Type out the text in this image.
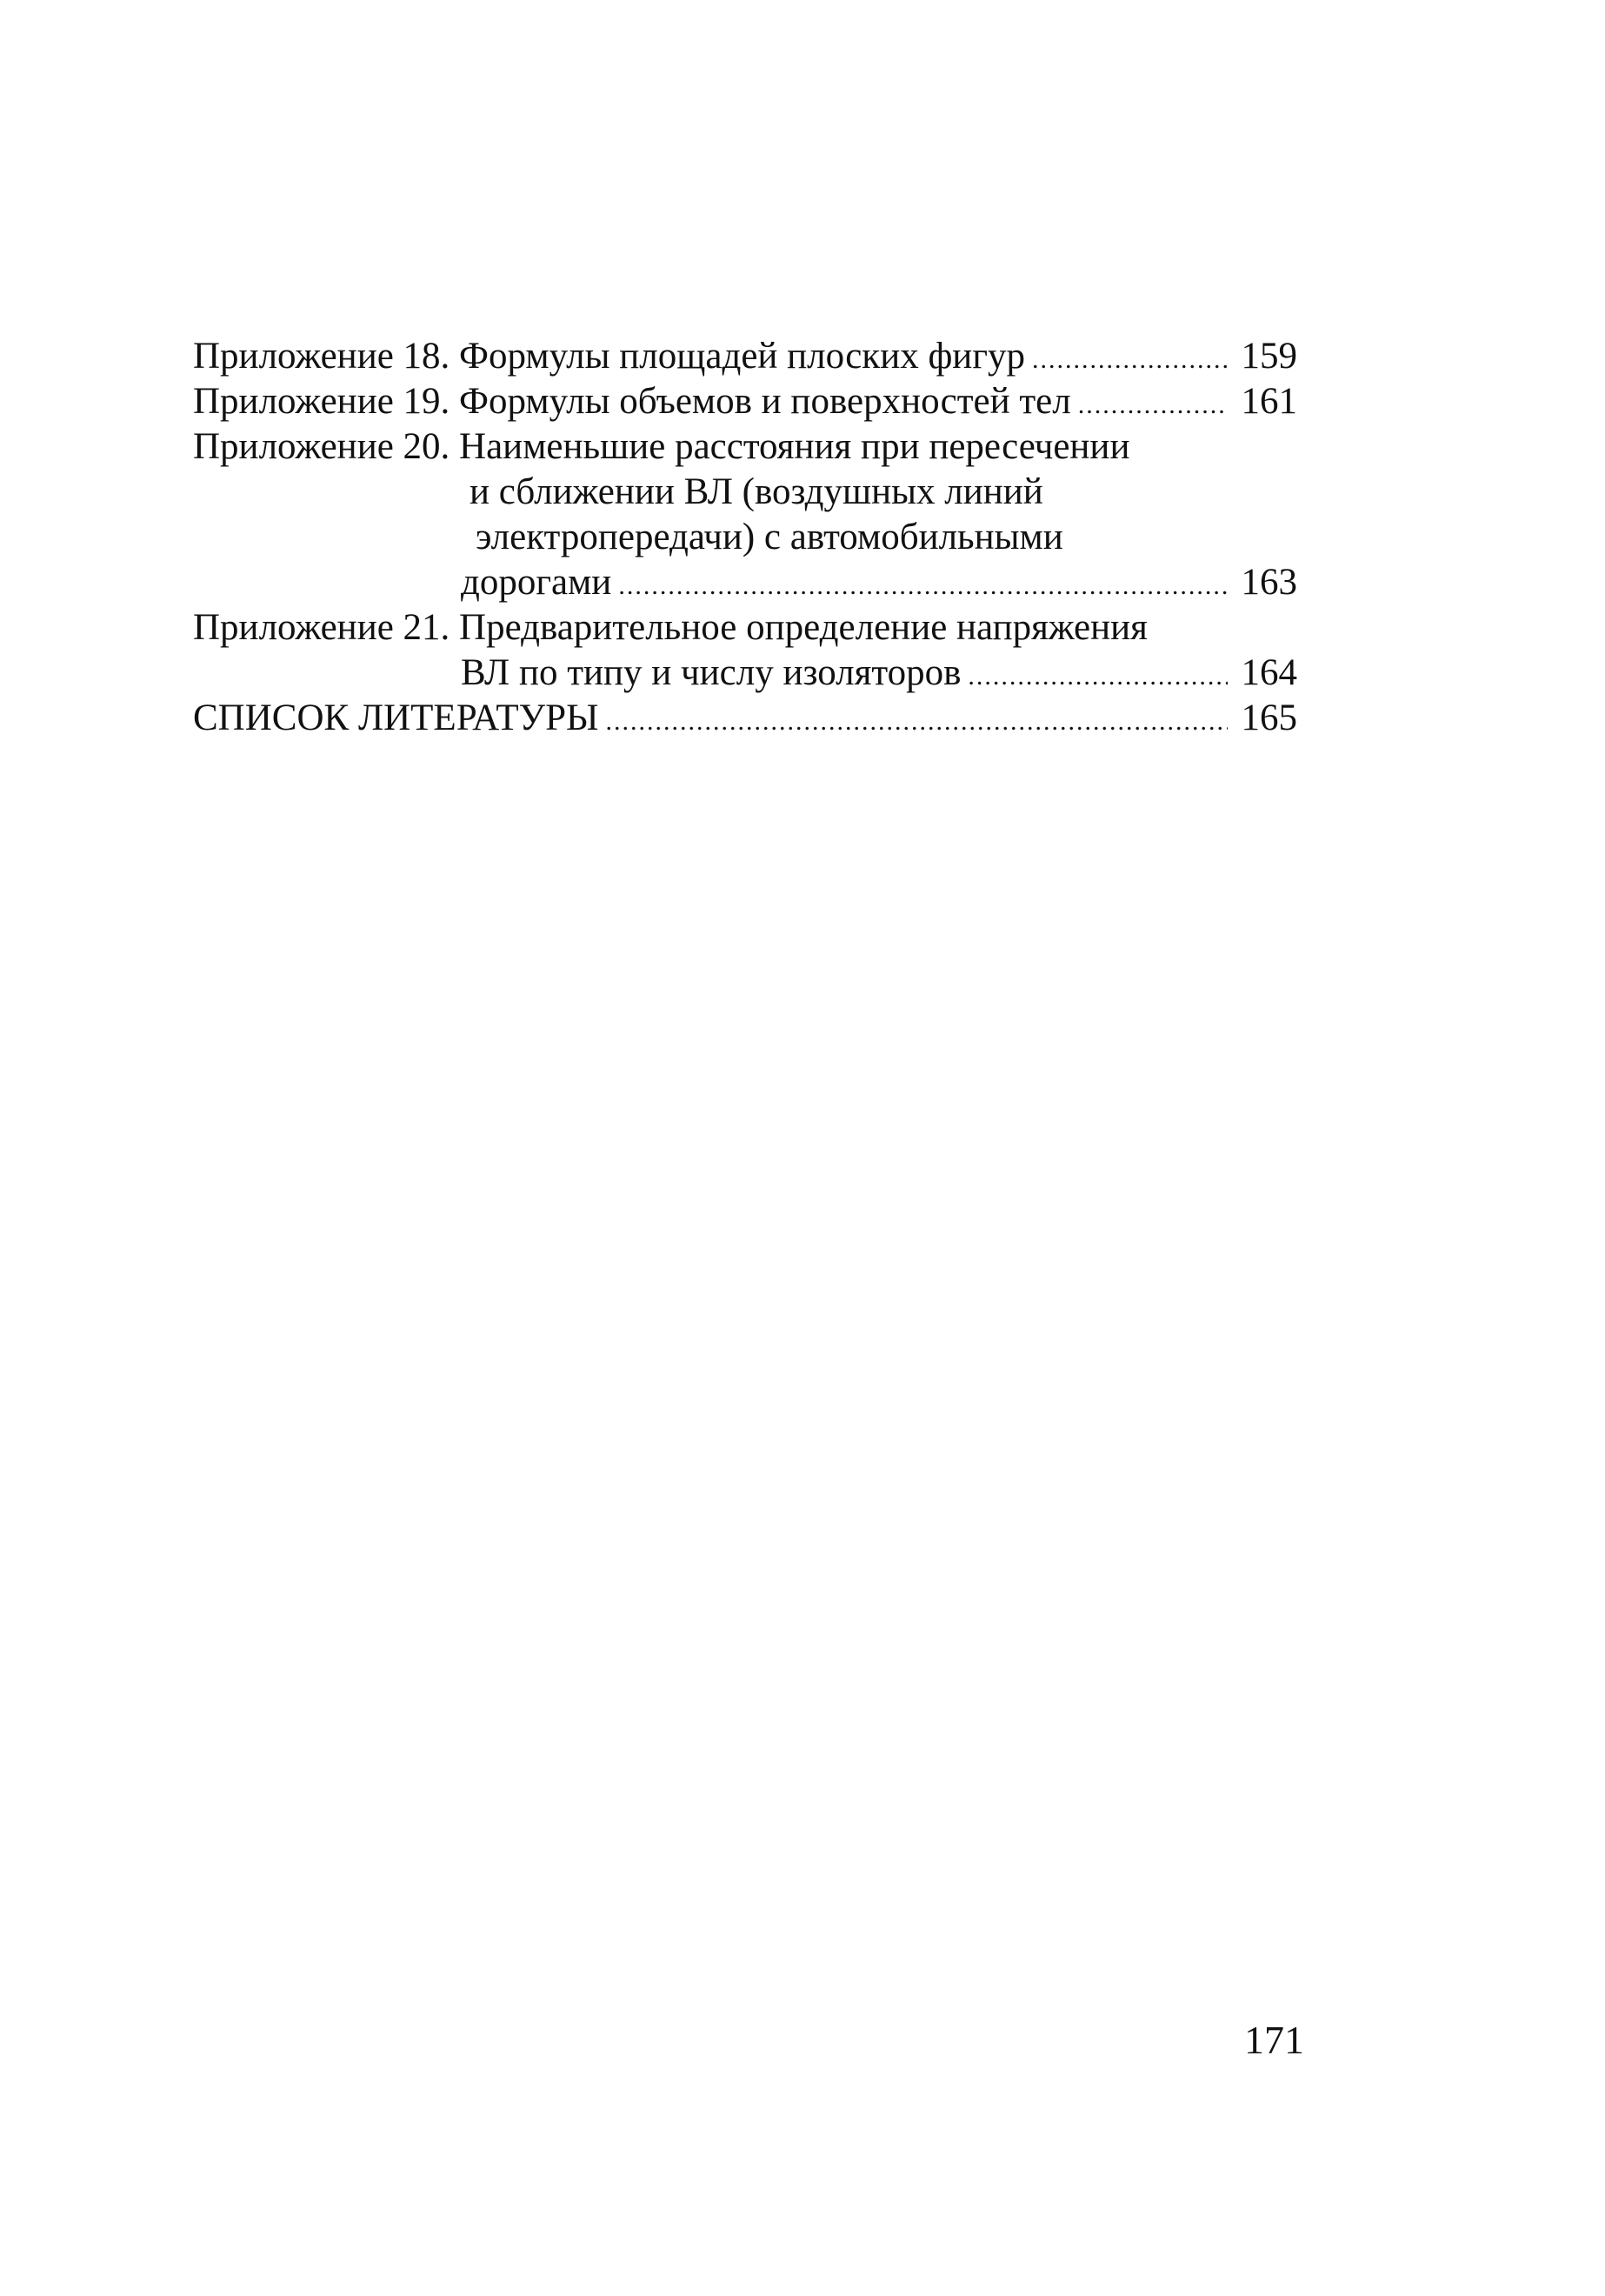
Приложение 18. Формулы площадей плоских фигур .....	159
Приложение 19. Формулы объемов и поверхностей тел .....	161
Приложение 20. Наименьшие расстояния при пересечении
и сближении ВЛ (воздушных линий
электропередачи) с автомобильными
дорогами .....	163
Приложение 21. Предварительное определение напряжения
ВЛ по типу и числу изоляторов .....	164
СПИСОК ЛИТЕРАТУРЫ .....	165
171
